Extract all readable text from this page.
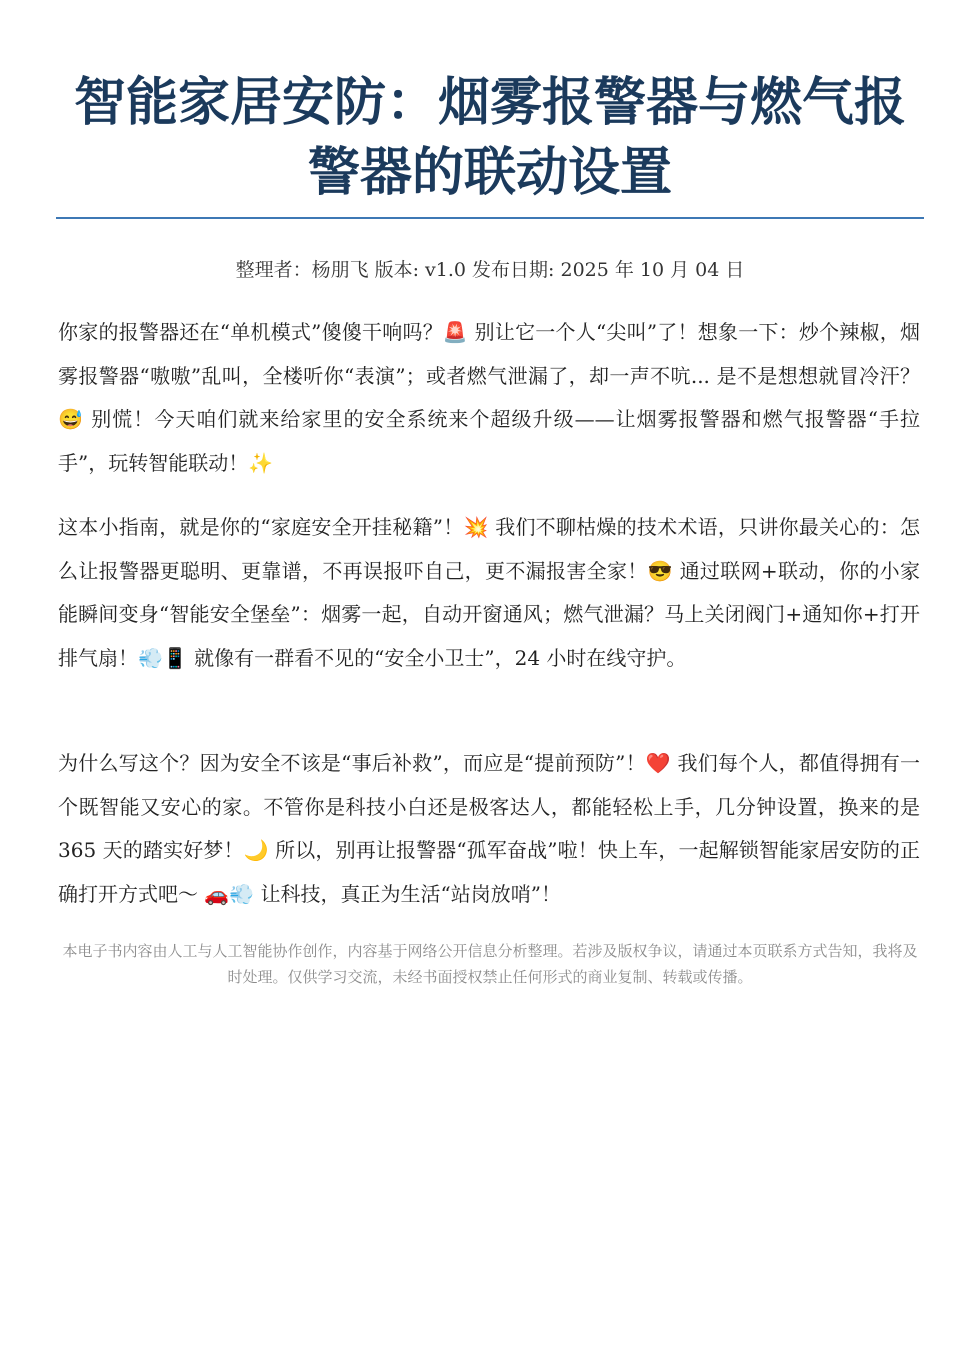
智能家居安防：烟雾报警器与燃气报警器的联动设置
整理者：杨朋飞 版本: v1.0 发布日期: 2025 年 10 月 04 日

你家的报警器还在“单机模式”傻傻干响吗？🚨 别让它一个人“尖叫”了！想象一下：炒个辣椒，烟雾报警器“嗷嗷”乱叫，全楼听你“表演”；或者燃气泄漏了，却一声不吭... 是不是想想就冒冷汗？😅 别慌！今天咱们就来给家里的安全系统来个超级升级——让烟雾报警器和燃气报警器“手拉手”，玩转智能联动！✨

这本小指南，就是你的“家庭安全开挂秘籍”！💥 我们不聊枯燥的技术术语，只讲你最关心的：怎么让报警器更聪明、更靠谱，不再误报吓自己，更不漏报害全家！😎 通过联网+联动，你的小家能瞬间变身“智能安全堡垒”：烟雾一起，自动开窗通风；燃气泄漏？马上关闭阀门+通知你+打开排气扇！💨📱 就像有一群看不见的“安全小卫士”，24 小时在线守护。

为什么写这个？因为安全不该是“事后补救”，而应是“提前预防”！❤️ 我们每个人，都值得拥有一个既智能又安心的家。不管你是科技小白还是极客达人，都能轻松上手，几分钟设置，换来的是 365 天的踏实好梦！🌙 所以，别再让报警器“孤军奋战”啦！快上车，一起解锁智能家居安防的正确打开方式吧～ 🚗💨 让科技，真正为生活“站岗放哨”！

本电子书内容由人工与人工智能协作创作，内容基于网络公开信息分析整理。若涉及版权争议，请通过本页联系方式告知，我将及时处理。仅供学习交流，未经书面授权禁止任何形式的商业复制、转载或传播。
